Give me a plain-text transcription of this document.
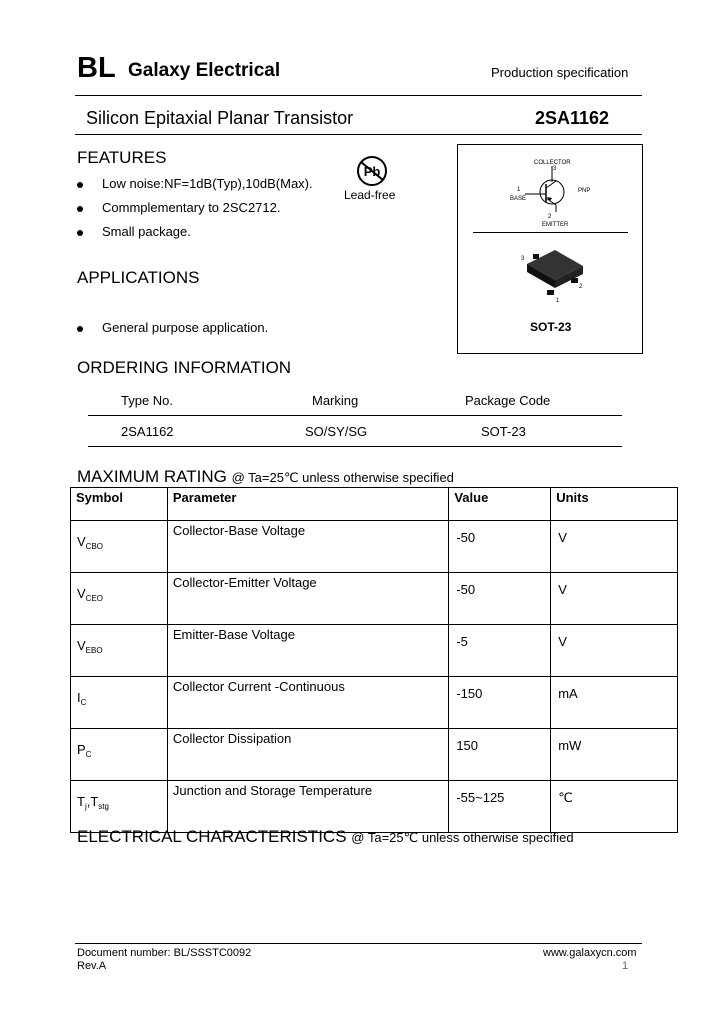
BL Galaxy Electrical	Production specification
Silicon Epitaxial Planar Transistor	2SA1162
FEATURES
Low noise:NF=1dB(Typ),10dB(Max).
Commplementary to 2SC2712.
Small package.
Pb
Lead-free
COLLECTOR
3
1
BASE
PNP
2
EMITTER
3
2
1
SOT-23
APPLICATIONS
General purpose application.
ORDERING INFORMATION
Type No.	Marking	Package Code
2SA1162	SO/SY/SG	SOT-23
MAXIMUM RATING @ Ta=25℃ unless otherwise specified
Symbol	Parameter	Value	Units
$V_{CBO}$	Collector-Base Voltage	-50	V
$V_{CEO}$	Collector-Emitter Voltage	-50	V
$V_{EBO}$	Emitter-Base Voltage	-5	V
$I_C$	Collector Current -Continuous	-150	mA
$P_C$	Collector Dissipation	150	mW
$T_j,T_{stg}$	Junction and Storage Temperature	-55~125	℃
ELECTRICAL CHARACTERISTICS @ Ta=25℃ unless otherwise specified
Document number: BL/SSSTC0092
Rev.A
www.galaxycn.com
1
